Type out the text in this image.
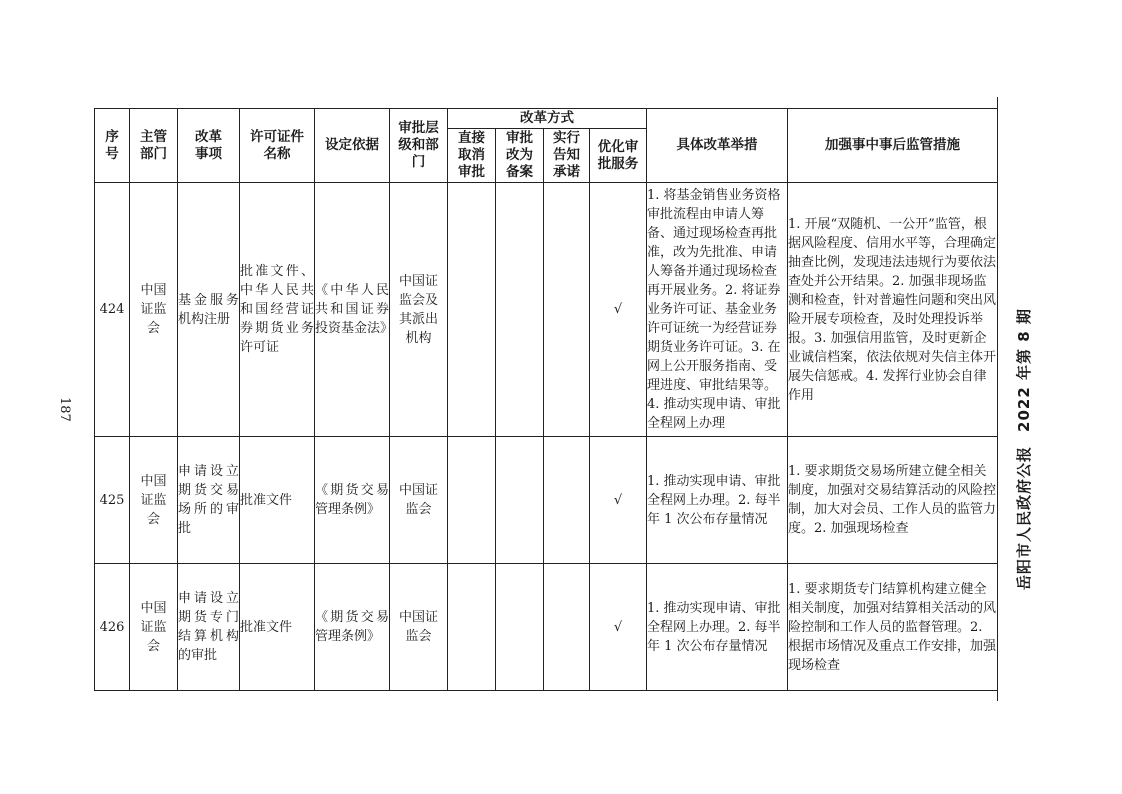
序号	主管部门	改革事项	许可证件名称	设定依据	审批层级和部门	改革方式				具体改革举措	加强事中事后监管措施
						直接取消审批	审批改为备案	实行告知承诺	优化审批服务		
424	中国证监会	基金服务机构注册	批准文件、中华人民共和国经营证券期货业务许可证	《中华人民共和国证券投资基金法》	中国证监会及其派出机构				√	1. 将基金销售业务资格审批流程由申请人筹备、通过现场检查再批准，改为先批准、申请人筹备并通过现场检查再开展业务。2. 将证券业务许可证、基金业务许可证统一为经营证券期货业务许可证。3. 在网上公开服务指南、受理进度、审批结果等。4. 推动实现申请、审批全程网上办理	1. 开展“双随机、一公开”监管，根据风险程度、信用水平等，合理确定抽查比例，发现违法违规行为要依法查处并公开结果。2. 加强非现场监测和检查，针对普遍性问题和突出风险开展专项检查，及时处理投诉举报。3. 加强信用监管，及时更新企业诚信档案，依法依规对失信主体开展失信惩戒。4. 发挥行业协会自律作用
425	中国证监会	申请设立期货交易场所的审批	批准文件	《期货交易管理条例》	中国证监会				√	1. 推动实现申请、审批全程网上办理。2. 每半年 1 次公布存量情况	1. 要求期货交易场所建立健全相关制度，加强对交易结算活动的风险控制，加大对会员、工作人员的监管力度。2. 加强现场检查
426	中国证监会	申请设立期货专门结算机构的审批	批准文件	《期货交易管理条例》	中国证监会				√	1. 推动实现申请、审批全程网上办理。2. 每半年 1 次公布存量情况	1. 要求期货专门结算机构建立健全相关制度，加强对结算相关活动的风险控制和工作人员的监督管理。2. 根据市场情况及重点工作安排，加强现场检查
岳阳市人民政府公报2022 年第 8 期
187
